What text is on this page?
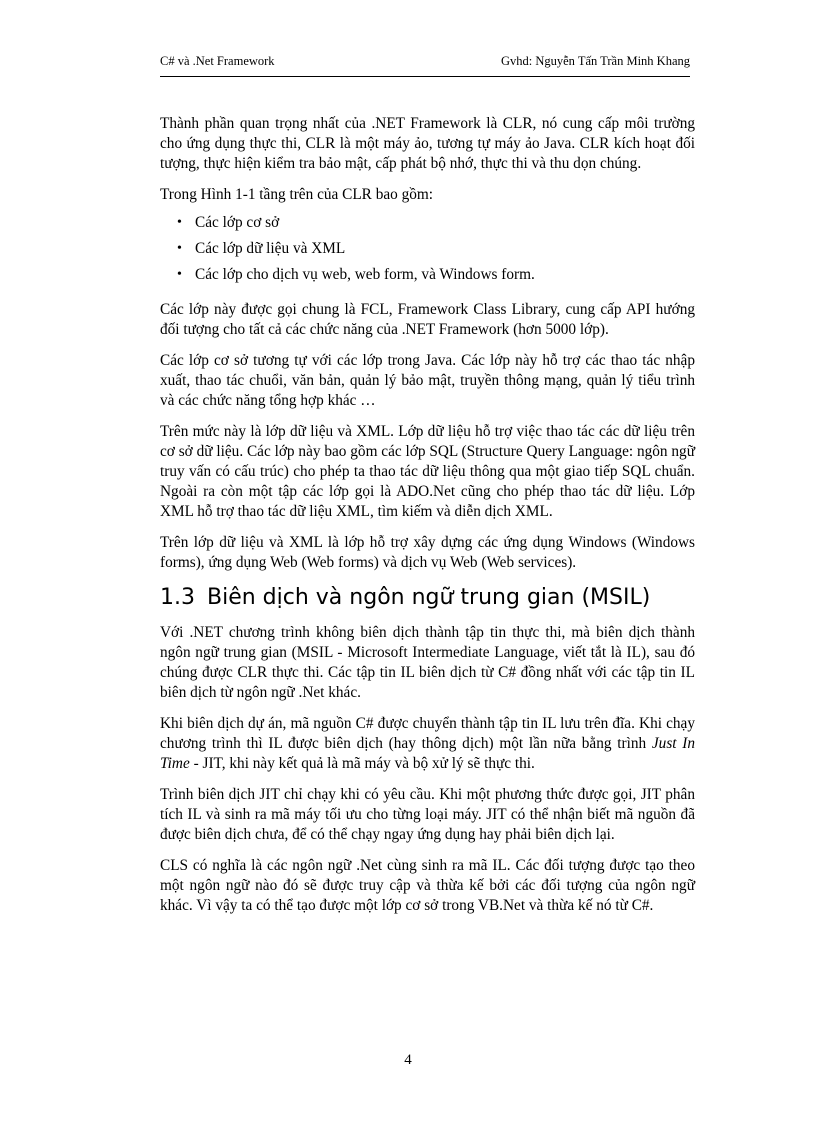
C# và .Net Framework	Gvhd: Nguyễn Tấn Trần Minh Khang

Thành phần quan trọng nhất của .NET Framework là CLR, nó cung cấp môi trường cho ứng dụng thực thi, CLR là một máy ảo, tương tự máy ảo Java. CLR kích hoạt đối tượng, thực hiện kiểm tra bảo mật, cấp phát bộ nhớ, thực thi và thu dọn chúng.

Trong Hình 1-1 tầng trên của CLR bao gồm:

• Các lớp cơ sở
• Các lớp dữ liệu và XML
• Các lớp cho dịch vụ web, web form, và Windows form.

Các lớp này được gọi chung là FCL, Framework Class Library, cung cấp API hướng đối tượng cho tất cả các chức năng của .NET Framework (hơn 5000 lớp).

Các lớp cơ sở tương tự với các lớp trong Java. Các lớp này hỗ trợ các thao tác nhập xuất, thao tác chuổi, văn bản, quản lý bảo mật, truyền thông mạng, quản lý tiểu trình và các chức năng tổng hợp khác …

Trên mức này là lớp dữ liệu và XML. Lớp dữ liệu hỗ trợ việc thao tác các dữ liệu trên cơ sở dữ liệu. Các lớp này bao gồm các lớp SQL (Structure Query Language: ngôn ngữ truy vấn có cấu trúc) cho phép ta thao tác dữ liệu thông qua một giao tiếp SQL chuẩn. Ngoài ra còn một tập các lớp gọi là ADO.Net cũng cho phép thao tác dữ liệu. Lớp XML hỗ trợ thao tác dữ liệu XML, tìm kiếm và diễn dịch XML.

Trên lớp dữ liệu và XML là lớp hỗ trợ xây dựng các ứng dụng Windows (Windows forms), ứng dụng Web (Web forms) và dịch vụ Web (Web services).

1.3 Biên dịch và ngôn ngữ trung gian (MSIL)

Với .NET chương trình không biên dịch thành tập tin thực thi, mà biên dịch thành ngôn ngữ trung gian (MSIL - Microsoft Intermediate Language, viết tắt là IL), sau đó chúng được CLR thực thi. Các tập tin IL biên dịch từ C# đồng nhất với các tập tin IL biên dịch từ ngôn ngữ .Net khác.

Khi biên dịch dự án, mã nguồn C# được chuyển thành tập tin IL lưu trên đĩa. Khi chạy chương trình thì IL được biên dịch (hay thông dịch) một lần nữa bằng trình Just In Time - JIT, khi này kết quả là mã máy và bộ xử lý sẽ thực thi.

Trình biên dịch JIT chỉ chạy khi có yêu cầu. Khi một phương thức được gọi, JIT phân tích IL và sinh ra mã máy tối ưu cho từng loại máy. JIT có thể nhận biết mã nguồn đã được biên dịch chưa, để có thể chạy ngay ứng dụng hay phải biên dịch lại.

CLS có nghĩa là các ngôn ngữ .Net cùng sinh ra mã IL. Các đối tượng được tạo theo một ngôn ngữ nào đó sẽ được truy cập và thừa kế bởi các đối tượng của ngôn ngữ khác. Vì vậy ta có thể tạo được một lớp cơ sở trong VB.Net và thừa kế nó từ C#.

4
